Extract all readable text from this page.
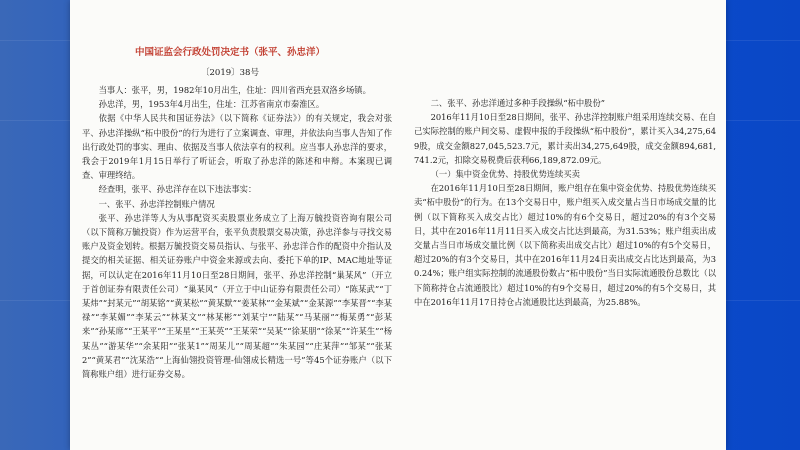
中国证监会行政处罚决定书（张平、孙忠洋）
〔2019〕38号

当事人：张平，男，1982年10月出生，住址：四川省西充县双洛乡场镇。

孙忠洋，男，1953年4月出生，住址：江苏省南京市秦淮区。

依据《中华人民共和国证券法》（以下简称《证券法》）的有关规定，我会对张平、孙忠洋操纵“柘中股份”的行为进行了立案调查、审理，并依法向当事人告知了作出行政处罚的事实、理由、依据及当事人依法享有的权利。应当事人孙忠洋的要求，我会于2019年1月15日举行了听证会，听取了孙忠洋的陈述和申辩。本案现已调查、审理终结。

经查明，张平、孙忠洋存在以下违法事实：

一、张平、孙忠洋控制账户情况

张平、孙忠洋等人为从事配资买卖股票业务成立了上海万毓投资咨询有限公司（以下简称万毓投资）作为运营平台，张平负责股票交易决策，孙忠洋参与寻找交易账户及资金划转。根据万毓投资交易员指认、与张平、孙忠洋合作的配资中介指认及提交的相关证据、相关证券账户中资金来源或去向、委托下单的IP、MAC地址等证据，可以认定在2016年11月10日至28日期间，张平、孙忠洋控制“巢某风”（开立于首创证券有限责任公司）“巢某风”（开立于中山证券有限责任公司）“陈某武”“丁某炜”“封某元”“胡某铭”“黄某松”“黄某默”“姜某林”“金某斌”“金某源”“李某晋”“李某禄”“李某媚”“李某云”“林某文”“林某彬”“刘某宁”“陆某”“马某丽”“梅某勇”“彭某来”“孙某席”“王某平”“王某星”“王某英”“王某荣”“吴某”“徐某朋”“徐某”“许某生”“杨某丛”“游某华”“余某阳”“张某1”“周某儿”“周某超”“朱某园”“庄某萍”“邹某”“张某2”“黄某君”“沈某浩”“上海仙翎投资管理-仙翎成长精选一号”等45个证券账户（以下简称账户组）进行证券交易。

二、张平、孙忠洋通过多种手段操纵“柘中股份”

2016年11月10日至28日期间，张平、孙忠洋控制账户组采用连续交易、在自己实际控制的账户间交易、虚假申报的手段操纵“柘中股份”，累计买入34,275,649股，成交金额827,045,523.7元，累计卖出34,275,649股，成交金额894,681,741.2元，扣除交易税费后获利66,189,872.09元。

（一）集中资金优势、持股优势连续买卖

在2016年11月10日至28日期间，账户组存在集中资金优势、持股优势连续买卖“柘中股份”的行为。在13个交易日中，账户组买入成交量占当日市场成交量的比例（以下简称买入成交占比）超过10%的有6个交易日，超过20%的有3个交易日，其中在2016年11月11日买入成交占比达到最高，为31.53%；账户组卖出成交量占当日市场成交量比例（以下简称卖出成交占比）超过10%的有5个交易日，超过20%的有3个交易日，其中在2016年11月24日卖出成交占比达到最高，为30.24%；账户组实际控制的流通股份数占“柘中股份”当日实际流通股份总数比（以下简称持仓占流通股比）超过10%的有9个交易日，超过20%的有5个交易日，其中在2016年11月17日持仓占流通股比达到最高，为25.88%。
